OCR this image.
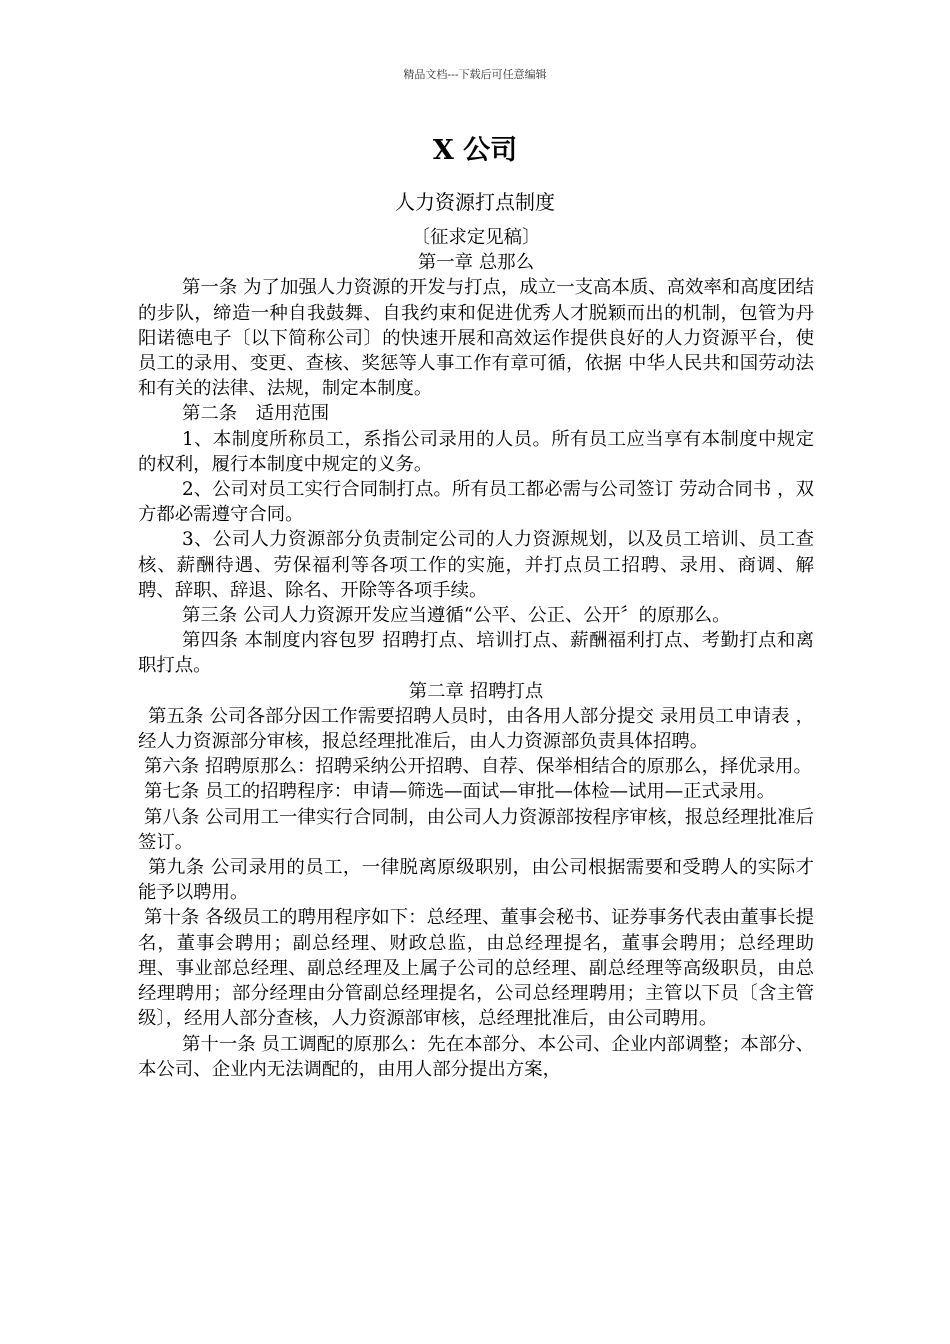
精品文档---下载后可任意编辑
X 公司
人力资源打点制度

〔征求定见稿〕

第一章 总那么

第一条 为了加强人力资源的开发与打点，成立一支高本质、高效率和高度团结的步队，缔造一种自我鼓舞、自我约束和促进优秀人才脱颖而出的机制，包管为丹阳诺德电子〔以下简称公司〕的快速开展和高效运作提供良好的人力资源平台，使员工的录用、变更、查核、奖惩等人事工作有章可循，依据 中华人民共和国劳动法 和有关的法律、法规，制定本制度。

第二条　适用范围

1、本制度所称员工，系指公司录用的人员。所有员工应当享有本制度中规定的权利，履行本制度中规定的义务。

2、公司对员工实行合同制打点。所有员工都必需与公司签订 劳动合同书 ，双方都必需遵守合同。

3、公司人力资源部分负责制定公司的人力资源规划，以及员工培训、员工查核、薪酬待遇、劳保福利等各项工作的实施，并打点员工招聘、录用、商调、解聘、辞职、辞退、除名、开除等各项手续。

第三条 公司人力资源开发应当遵循“公平、公正、公开〞的原那么。

第四条 本制度内容包罗 招聘打点、培训打点、薪酬福利打点、考勤打点和离职打点。

第二章 招聘打点

第五条 公司各部分因工作需要招聘人员时，由各用人部分提交 录用员工申请表 ，经人力资源部分审核，报总经理批准后，由人力资源部负责具体招聘。

第六条 招聘原那么：招聘采纳公开招聘、自荐、保举相结合的原那么，择优录用。

第七条 员工的招聘程序：申请—筛选—面试—审批—体检—试用—正式录用。

第八条 公司用工一律实行合同制，由公司人力资源部按程序审核，报总经理批准后签订。

第九条 公司录用的员工，一律脱离原级职别，由公司根据需要和受聘人的实际才能予以聘用。

第十条 各级员工的聘用程序如下：总经理、董事会秘书、证券事务代表由董事长提名，董事会聘用；副总经理、财政总监，由总经理提名，董事会聘用；总经理助理、事业部总经理、副总经理及上属子公司的总经理、副总经理等高级职员，由总经理聘用；部分经理由分管副总经理提名，公司总经理聘用；主管以下员〔含主管级〕，经用人部分查核，人力资源部审核，总经理批准后，由公司聘用。

第十一条 员工调配的原那么：先在本部分、本公司、企业内部调整；本部分、本公司、企业内无法调配的，由用人部分提出方案，
